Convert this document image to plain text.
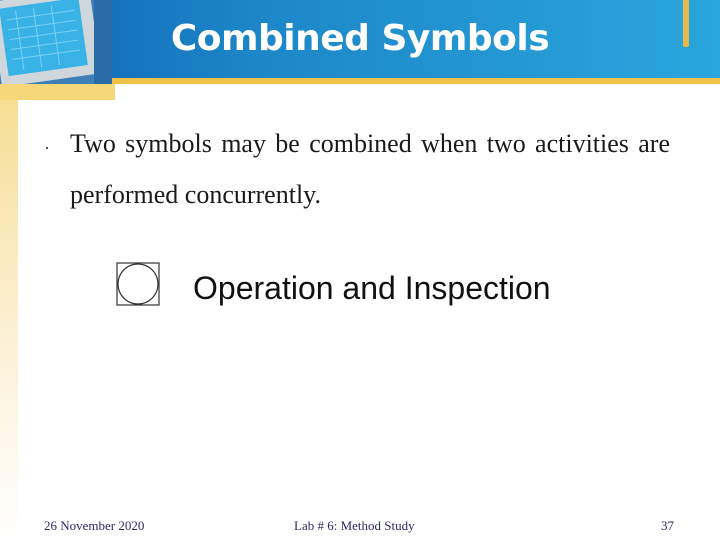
Combined Symbols
· Two symbols may be combined when two activities are performed concurrently.
Operation and Inspection
26 November 2020	Lab # 6: Method Study	37
